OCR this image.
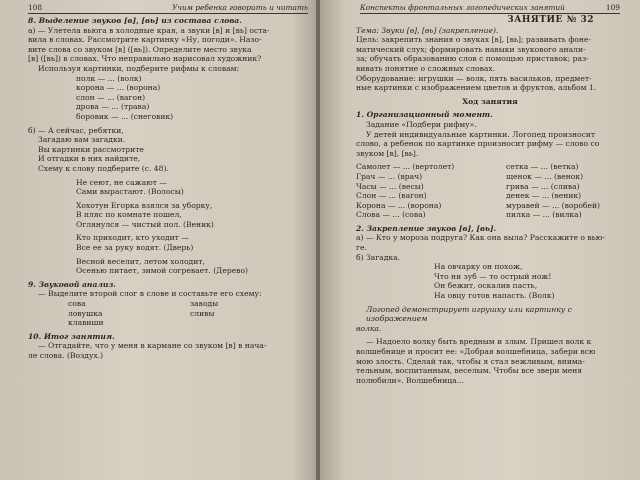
108	Учим ребенка говорить и читать

8. Выделение звуков [в], [вь] из состава слова.

а) — Улетела вьюга в холодные края, а звуки [в] и [вь] оста-

вила в словах. Рассмотрите картинку «Ну, погоди». Назо-

вите слова со звуком [в] ([вь]). Определите место звука

[в] ([вь]) в словах. Что неправильно нарисовал художник?

Используя картинки, подберите рифмы к словам:

полк — ... (волк)

корона — ... (ворона)

слон — ... (вагон)

дрова — ... (трава)

боровик — ... (снеговик)

б) — А сейчас, ребятки,

Загадаю вам загадки.

Вы картинки рассмотрите

И отгадки в них найдите,

Схему к слову подберите (с. 48).

Не сеют, не сажают —

Сами вырастают. (Волосы)

Хохотун Егорка взялся за уборку,

В пляс по комнате пошел,

Оглянулся — чистый пол. (Веник)

Кто приходит, кто уходит —

Все ее за руку водят. (Дверь)

Весной веселит, летом холодит,

Осенью питает, зимой согревает. (Дерево)

9. Звуковой анализ.

— Выделите второй слог в слове и составьте его схему:

сова

ловушка

клавиши

заводы

сливы

10. Итог занятия.

— Отгадайте, что у меня в кармане со звуком [в] в нача-

ле слова. (Воздух.)

Конспекты фронтальных логопедических занятий	109

ЗАНЯТИЕ № 32

Тема: Звуки [в], [вь] (закрепление).

Цель: закрепить знания о звуках [в], [вь]; развивать фоне-

матический слух; формировать навыки звукового анали-

за; обучать образованию слов с помощью приставок; раз-

вивать понятие о сложных словах.

Оборудование: игрушки — волк, пять васильков, предмет-

ные картинки с изображением цветов и фруктов, альбом 1.

Ход занятия

1. Организационный момент.

Задание «Подбери рифму».

У детей индивидуальные картинки. Логопед произносит

слово, а ребенок по картинке произносит рифму — слово со

звуком [в], [вь].

Самолет — ... (вертолет)	сетка — ... (ветка)
Грач — ... (врач)	щенок — ... (венок)
Часы — ... (весы)	грива — ... (слива)
Слон — ... (вагон)	денек — ... (веник)
Корона — ... (ворона)	муравей — ... (воробей)
Слова — ... (сова)	пилка — ... (вилка)

2. Закрепление звуков [в], [вь].

а) — Кто у мороза подруга? Как она выла? Расскажите о вью-

ге.

б) Загадка.

На овчарку он похож,

Что ни зуб — то острый нож!

Он бежит, оскалив пасть,

На овцу готов напасть. (Волк)

Логопед демонстрирует игрушку или картинку с изображением

волка.

— Надоело волку быть вредным и злым. Пришел волк к

волшебнице и просит ее: «Добрая волшебница, забери всю

мою злость. Сделай так, чтобы я стал вежливым, внима-

тельным, воспитанным, веселым. Чтобы все звери меня

полюбили». Волшебница...
